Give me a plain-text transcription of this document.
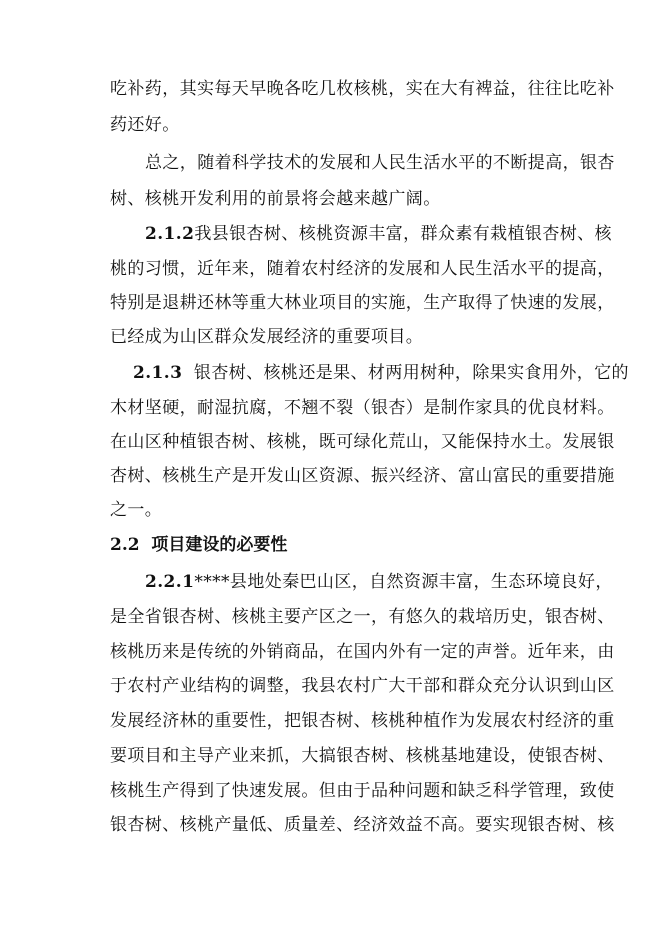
吃补药，其实每天早晚各吃几枚核桃，实在大有裨益，往往比吃补
药还好。
总之，随着科学技术的发展和人民生活水平的不断提高，银杏
树、核桃开发利用的前景将会越来越广阔。
2.1.2我县银杏树、核桃资源丰富，群众素有栽植银杏树、核
桃的习惯，近年来，随着农村经济的发展和人民生活水平的提高，
特别是退耕还林等重大林业项目的实施，生产取得了快速的发展，
已经成为山区群众发展经济的重要项目。
2.1.3  银杏树、核桃还是果、材两用树种，除果实食用外，它的
木材坚硬，耐湿抗腐，不翘不裂（银杏）是制作家具的优良材料。
在山区种植银杏树、核桃，既可绿化荒山，又能保持水土。发展银
杏树、核桃生产是开发山区资源、振兴经济、富山富民的重要措施
之一。
2.2 项目建设的必要性
2.2.1****县地处秦巴山区，自然资源丰富，生态环境良好，
是全省银杏树、核桃主要产区之一，有悠久的栽培历史，银杏树、
核桃历来是传统的外销商品，在国内外有一定的声誉。近年来，由
于农村产业结构的调整，我县农村广大干部和群众充分认识到山区
发展经济林的重要性，把银杏树、核桃种植作为发展农村经济的重
要项目和主导产业来抓，大搞银杏树、核桃基地建设，使银杏树、
核桃生产得到了快速发展。但由于品种问题和缺乏科学管理，致使
银杏树、核桃产量低、质量差、经济效益不高。要实现银杏树、核
